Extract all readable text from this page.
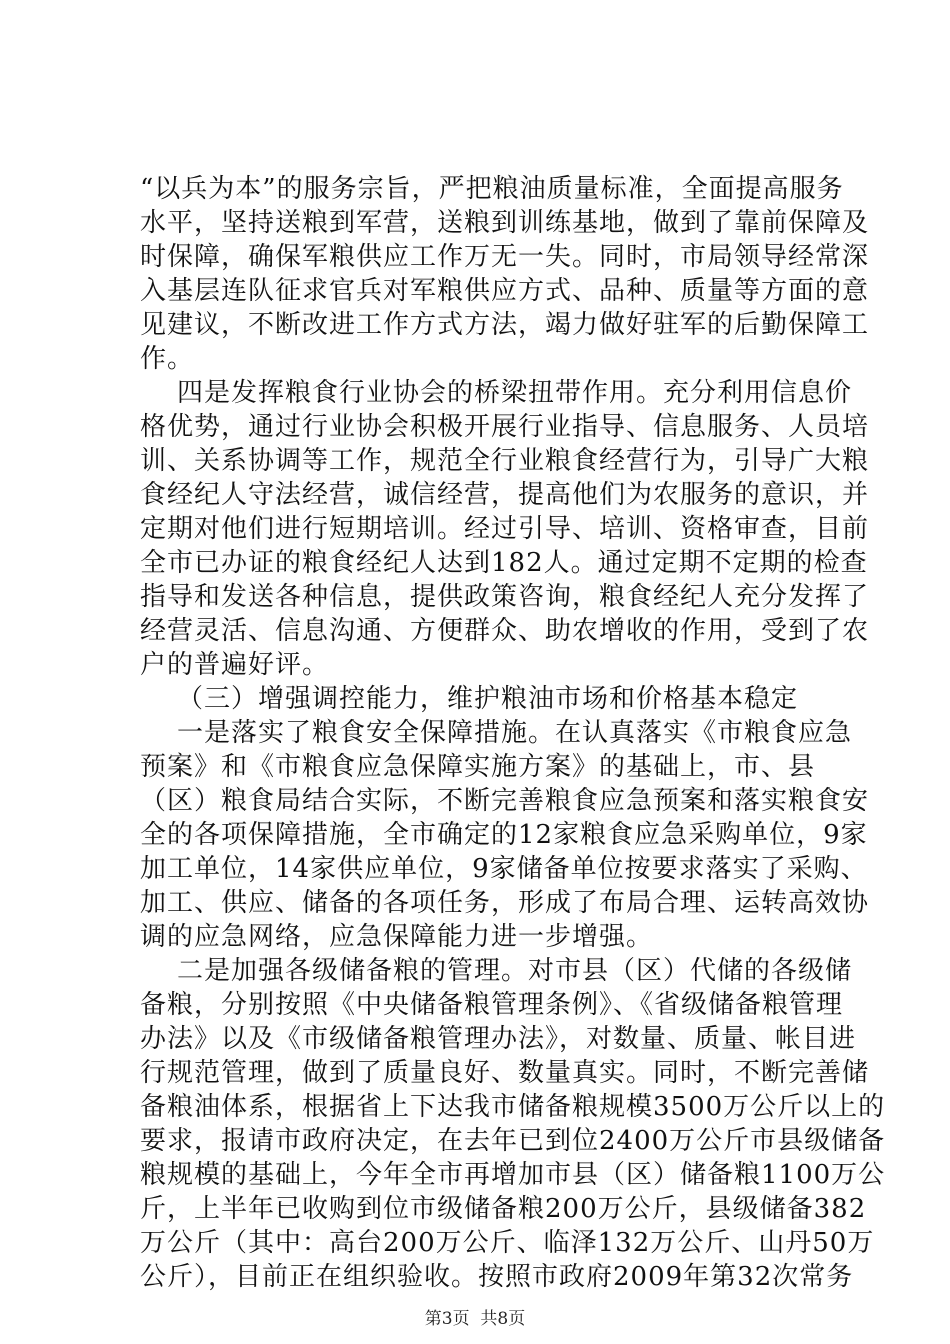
“以兵为本”的服务宗旨，严把粮油质量标准，全面提高服务
水平，坚持送粮到军营，送粮到训练基地，做到了靠前保障及
时保障，确保军粮供应工作万无一失。同时，市局领导经常深
入基层连队征求官兵对军粮供应方式、品种、质量等方面的意
见建议，不断改进工作方式方法，竭力做好驻军的后勤保障工
作。
四是发挥粮食行业协会的桥梁扭带作用。充分利用信息价
格优势，通过行业协会积极开展行业指导、信息服务、人员培
训、关系协调等工作，规范全行业粮食经营行为，引导广大粮
食经纪人守法经营，诚信经营，提高他们为农服务的意识，并
定期对他们进行短期培训。经过引导、培训、资格审查，目前
全市已办证的粮食经纪人达到182人。通过定期不定期的检查
指导和发送各种信息，提供政策咨询，粮食经纪人充分发挥了
经营灵活、信息沟通、方便群众、助农增收的作用，受到了农
户的普遍好评。
（三）增强调控能力，维护粮油市场和价格基本稳定
一是落实了粮食安全保障措施。在认真落实《市粮食应急
预案》和《市粮食应急保障实施方案》的基础上，市、县
（区）粮食局结合实际，不断完善粮食应急预案和落实粮食安
全的各项保障措施，全市确定的12家粮食应急采购单位，9家
加工单位，14家供应单位，9家储备单位按要求落实了采购、
加工、供应、储备的各项任务，形成了布局合理、运转高效协
调的应急网络，应急保障能力进一步增强。
二是加强各级储备粮的管理。对市县（区）代储的各级储
备粮，分别按照《中央储备粮管理条例》、《省级储备粮管理
办法》以及《市级储备粮管理办法》，对数量、质量、帐目进
行规范管理，做到了质量良好、数量真实。同时，不断完善储
备粮油体系，根据省上下达我市储备粮规模3500万公斤以上的
要求，报请市政府决定，在去年已到位2400万公斤市县级储备
粮规模的基础上，今年全市再增加市县（区）储备粮1100万公
斤，上半年已收购到位市级储备粮200万公斤，县级储备382
万公斤（其中：高台200万公斤、临泽132万公斤、山丹50万
公斤），目前正在组织验收。按照市政府2009年第32次常务
第3页  共8页
